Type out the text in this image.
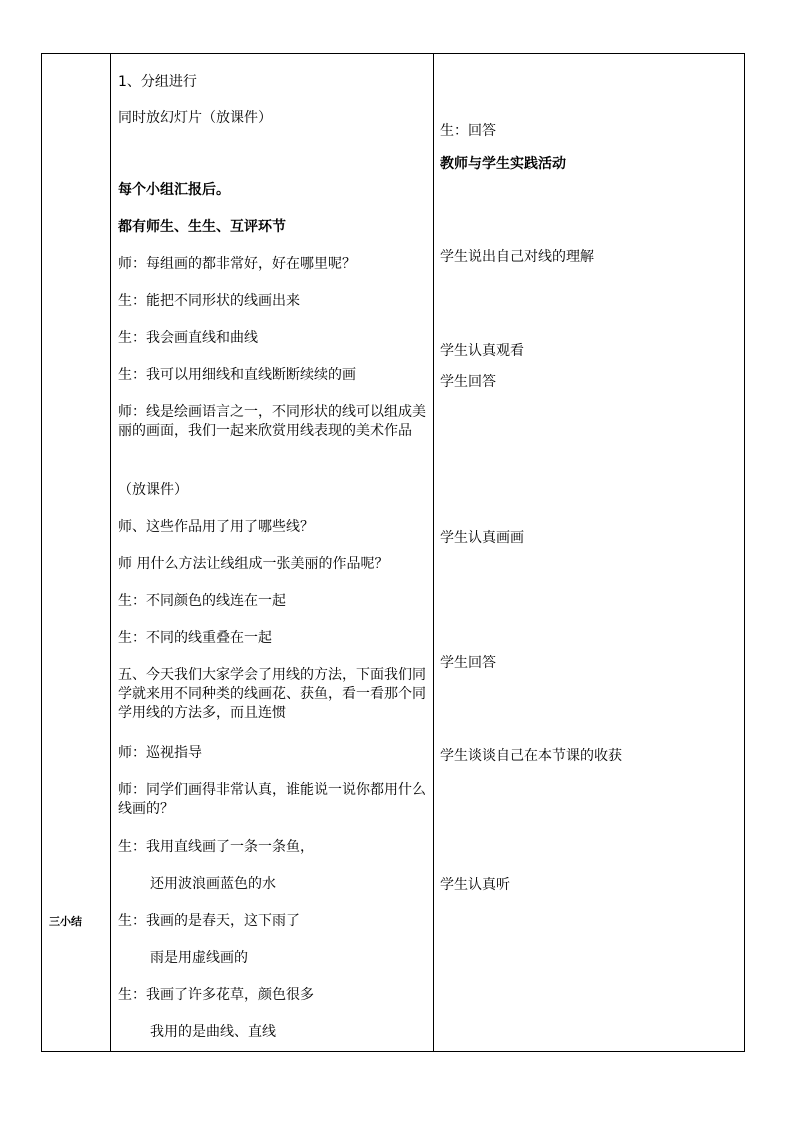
三小结
1、分组进行
同时放幻灯片（放课件）
每个小组汇报后。
都有师生、生生、互评环节
师：每组画的都非常好，好在哪里呢？
生：能把不同形状的线画出来
生：我会画直线和曲线
生：我可以用细线和直线断断续续的画
师：线是绘画语言之一，不同形状的线可以组成美丽的画面，我们一起来欣赏用线表现的美术作品
（放课件）
师、这些作品用了用了哪些线？
师 用什么方法让线组成一张美丽的作品呢？
生：不同颜色的线连在一起
生：不同的线重叠在一起
五、今天我们大家学会了用线的方法，下面我们同学就来用不同种类的线画花、获鱼，看一看那个同学用线的方法多，而且连惯
师：巡视指导
师：同学们画得非常认真，谁能说一说你都用什么线画的？
生：我用直线画了一条一条鱼，
还用波浪画蓝色的水
生：我画的是春天，这下雨了
雨是用虚线画的
生：我画了许多花草，颜色很多
我用的是曲线、直线
生：回答
教师与学生实践活动
学生说出自己对线的理解
学生认真观看
学生回答
学生认真画画
学生回答
学生谈谈自己在本节课的收获
学生认真听
